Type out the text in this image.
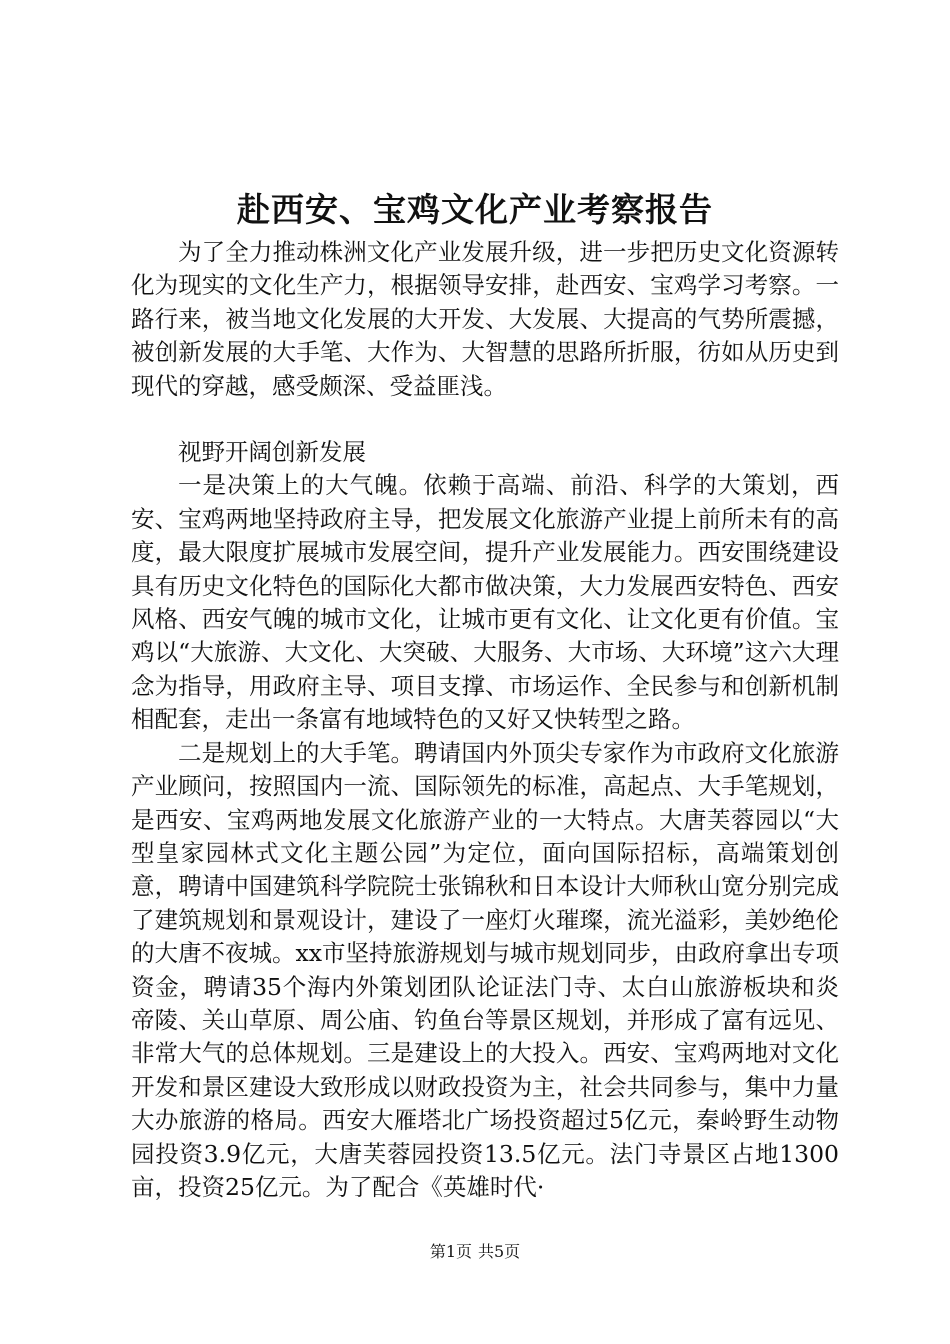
赴西安、宝鸡文化产业考察报告

为了全力推动株洲文化产业发展升级，进一步把历史文化资源转化为现实的文化生产力，根据领导安排，赴西安、宝鸡学习考察。一路行来，被当地文化发展的大开发、大发展、大提高的气势所震撼，被创新发展的大手笔、大作为、大智慧的思路所折服，彷如从历史到现代的穿越，感受颇深、受益匪浅。

视野开阔创新发展

一是决策上的大气魄。依赖于高端、前沿、科学的大策划，西安、宝鸡两地坚持政府主导，把发展文化旅游产业提上前所未有的高度，最大限度扩展城市发展空间，提升产业发展能力。西安围绕建设具有历史文化特色的国际化大都市做决策，大力发展西安特色、西安风格、西安气魄的城市文化，让城市更有文化、让文化更有价值。宝鸡以“大旅游、大文化、大突破、大服务、大市场、大环境”这六大理念为指导，用政府主导、项目支撑、市场运作、全民参与和创新机制相配套，走出一条富有地域特色的又好又快转型之路。

二是规划上的大手笔。聘请国内外顶尖专家作为市政府文化旅游产业顾问，按照国内一流、国际领先的标准，高起点、大手笔规划，是西安、宝鸡两地发展文化旅游产业的一大特点。大唐芙蓉园以“大型皇家园林式文化主题公园”为定位，面向国际招标，高端策划创意，聘请中国建筑科学院院士张锦秋和日本设计大师秋山宽分别完成了建筑规划和景观设计，建设了一座灯火璀璨，流光溢彩，美妙绝伦的大唐不夜城。xx市坚持旅游规划与城市规划同步，由政府拿出专项资金，聘请35个海内外策划团队论证法门寺、太白山旅游板块和炎帝陵、关山草原、周公庙、钓鱼台等景区规划，并形成了富有远见、非常大气的总体规划。三是建设上的大投入。西安、宝鸡两地对文化开发和景区建设大致形成以财政投资为主，社会共同参与，集中力量大办旅游的格局。西安大雁塔北广场投资超过5亿元，秦岭野生动物园投资3.9亿元，大唐芙蓉园投资13.5亿元。法门寺景区占地1300亩，投资25亿元。为了配合《英雄时代·

第1页 共5页
